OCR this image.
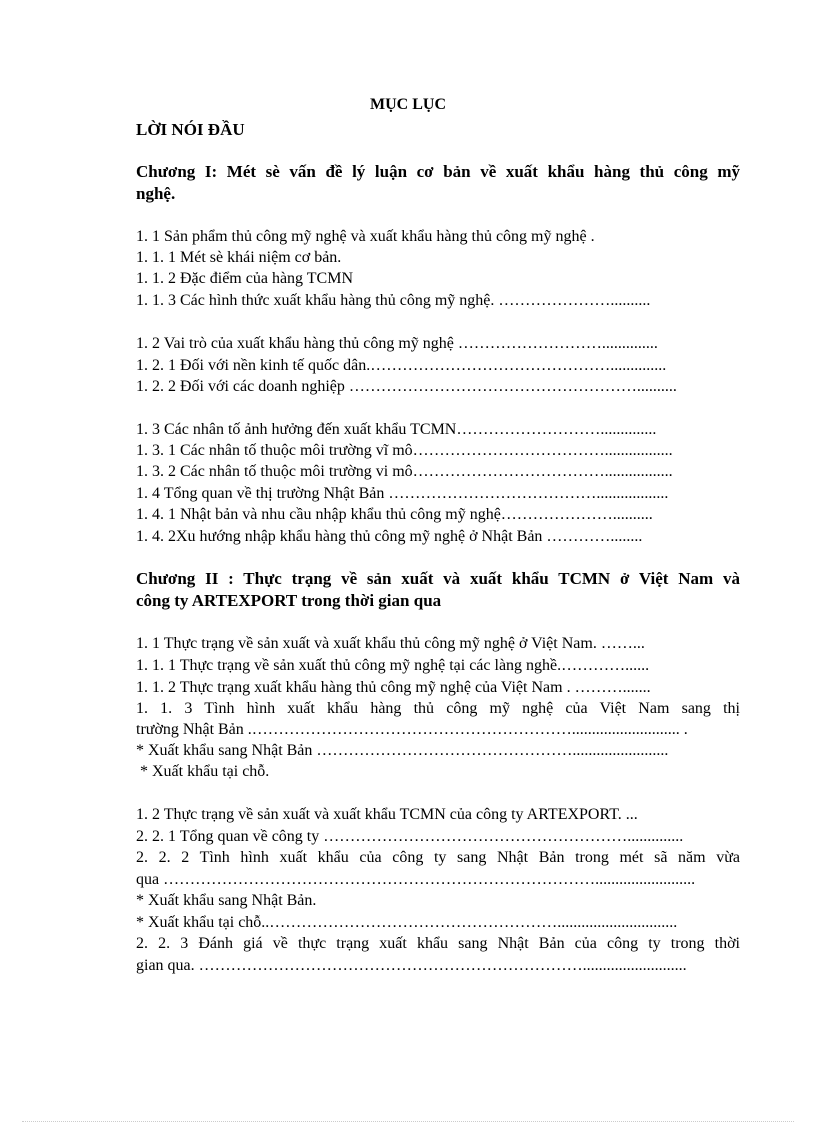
MỤC LỤC
LỜI NÓI ĐẦU
Chương I: Mét sè vấn đề lý luận cơ bản về xuất khẩu hàng thủ công mỹ
nghệ.
1. 1 Sản phẩm thủ công mỹ nghệ và xuất khẩu hàng thủ công mỹ nghệ .
1. 1. 1 Mét sè khái niệm cơ bản.
1. 1. 2 Đặc điểm của hàng TCMN
1. 1. 3 Các hình thức xuất khẩu hàng thủ công mỹ nghệ. …………………..........
1. 2 Vai trò của xuất khẩu hàng thủ công mỹ nghệ ………………………..............
1. 2. 1 Đối với nền kinh tế quốc dân.………………………………………..............
1. 2. 2 Đối với các doanh nghiệp ………………………………………………..........
1. 3 Các nhân tố ảnh hưởng đến xuất khẩu TCMN………………………..............
1. 3. 1 Các nhân tố thuộc môi trường vĩ mô……………………………….................
1. 3. 2 Các nhân tố thuộc môi trường vi mô……………………………….................
1. 4 Tổng quan về thị trường Nhật Bản …………………………………..................
1. 4. 1 Nhật bản và nhu cầu nhập khẩu thủ công mỹ nghệ…………………..........
1. 4. 2Xu hướng nhập khẩu hàng thủ công mỹ nghệ ở Nhật Bản …………........
Chương II : Thực trạng về sản xuất và xuất khẩu TCMN ở Việt Nam và
công ty ARTEXPORT trong thời gian qua
1. 1 Thực trạng về sản xuất và xuất khẩu thủ công mỹ nghệ ở Việt Nam. ……...
1. 1. 1 Thực trạng về sản xuất thủ công mỹ nghệ tại các làng nghề.…………......
1. 1. 2 Thực trạng xuất khẩu hàng thủ công mỹ nghệ của Việt Nam . ……….......
1. 1. 3 Tình hình xuất khẩu hàng thủ công mỹ nghệ của Việt Nam sang thị
trường Nhật Bản .……………………………………………………........................... .
* Xuất khẩu sang Nhật Bản …………………………………………........................
* Xuất khẩu tại chỗ.
1. 2 Thực trạng về sản xuất và xuất khẩu TCMN của công ty ARTEXPORT. ...
2. 2. 1 Tổng quan về công ty …………………………………………………..............
2. 2. 2 Tình hình xuất khẩu của công ty sang Nhật Bản trong mét sã năm vừa
qua ……………………………………………………………………….........................
* Xuất khẩu sang Nhật Bản.
* Xuất khẩu tại chỗ..………………………………………………..............................
2. 2. 3 Đánh giá về thực trạng xuất khẩu sang Nhật Bản của công ty trong thời
gian qua. ………………………………………………………………..........................
